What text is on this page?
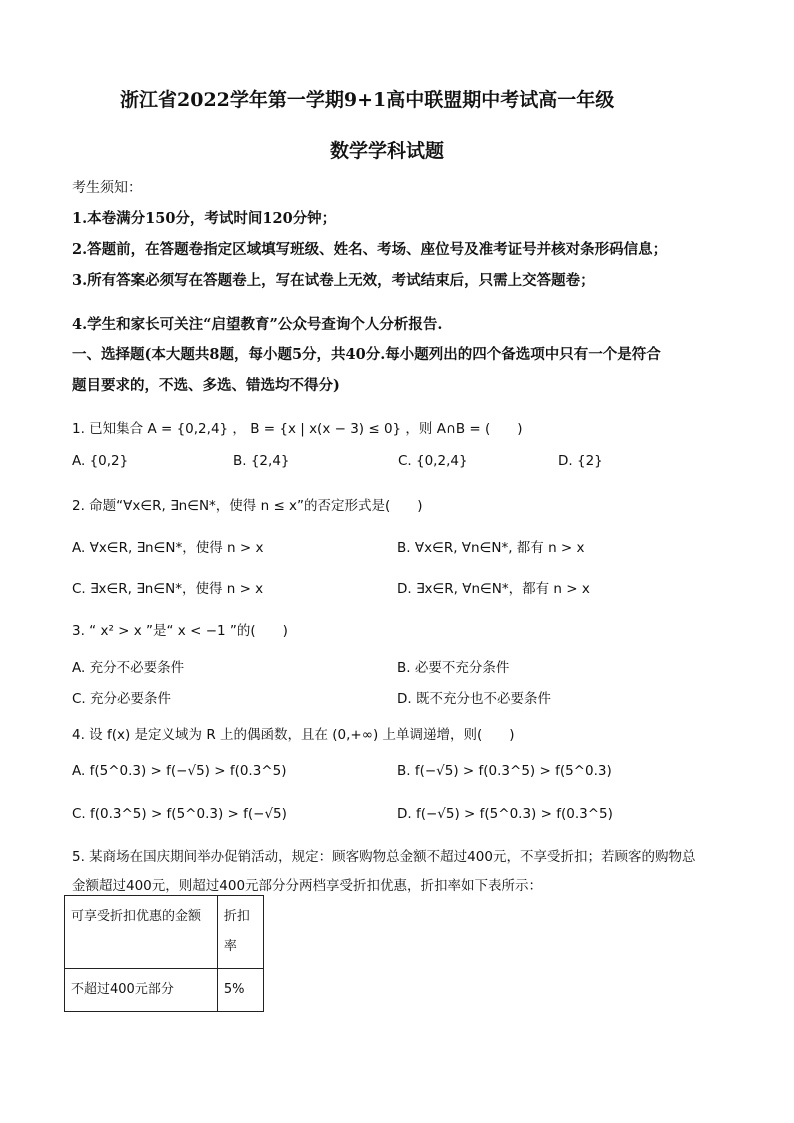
浙江省2022学年第一学期9+1高中联盟期中考试高一年级
数学学科试题
考生须知：
1.本卷满分150分，考试时间120分钟；
2.答题前，在答题卷指定区域填写班级、姓名、考场、座位号及准考证号并核对条形码信息；
3.所有答案必须写在答题卷上，写在试卷上无效，考试结束后，只需上交答题卷；
4.学生和家长可关注“启望教育”公众号查询个人分析报告.
一、选择题(本大题共8题，每小题5分，共40分.每小题列出的四个备选项中只有一个是符合
题目要求的，不选、多选、错选均不得分)
1. 已知集合 A = {0,2,4} ， B = {x | x(x − 3) ≤ 0} ，则 A∩B = (　　)
A. {0,2}	B. {2,4}	C. {0,2,4}	D. {2}
2. 命题“∀x∈R, ∃n∈N*，使得 n ≤ x”的否定形式是(　　)
A. ∀x∈R, ∃n∈N*，使得 n > x	B. ∀x∈R, ∀n∈N*, 都有 n > x
C. ∃x∈R, ∃n∈N*，使得 n > x	D. ∃x∈R, ∀n∈N*，都有 n > x
3. “ x² > x ”是“ x < −1 ”的(　　)
A. 充分不必要条件	B. 必要不充分条件
C. 充分必要条件	D. 既不充分也不必要条件
4. 设 f(x) 是定义域为 R 上的偶函数，且在 (0,+∞) 上单调递增，则(　　)
A. f(5^0.3) > f(−√5) > f(0.3^5)	B. f(−√5) > f(0.3^5) > f(5^0.3)
C. f(0.3^5) > f(5^0.3) > f(−√5)	D. f(−√5) > f(5^0.3) > f(0.3^5)
5. 某商场在国庆期间举办促销活动，规定：顾客购物总金额不超过400元，不享受折扣；若顾客的购物总
金额超过400元，则超过400元部分分两档享受折扣优惠，折扣率如下表所示：
可享受折扣优惠的金额	折扣率
不超过400元部分	5%
